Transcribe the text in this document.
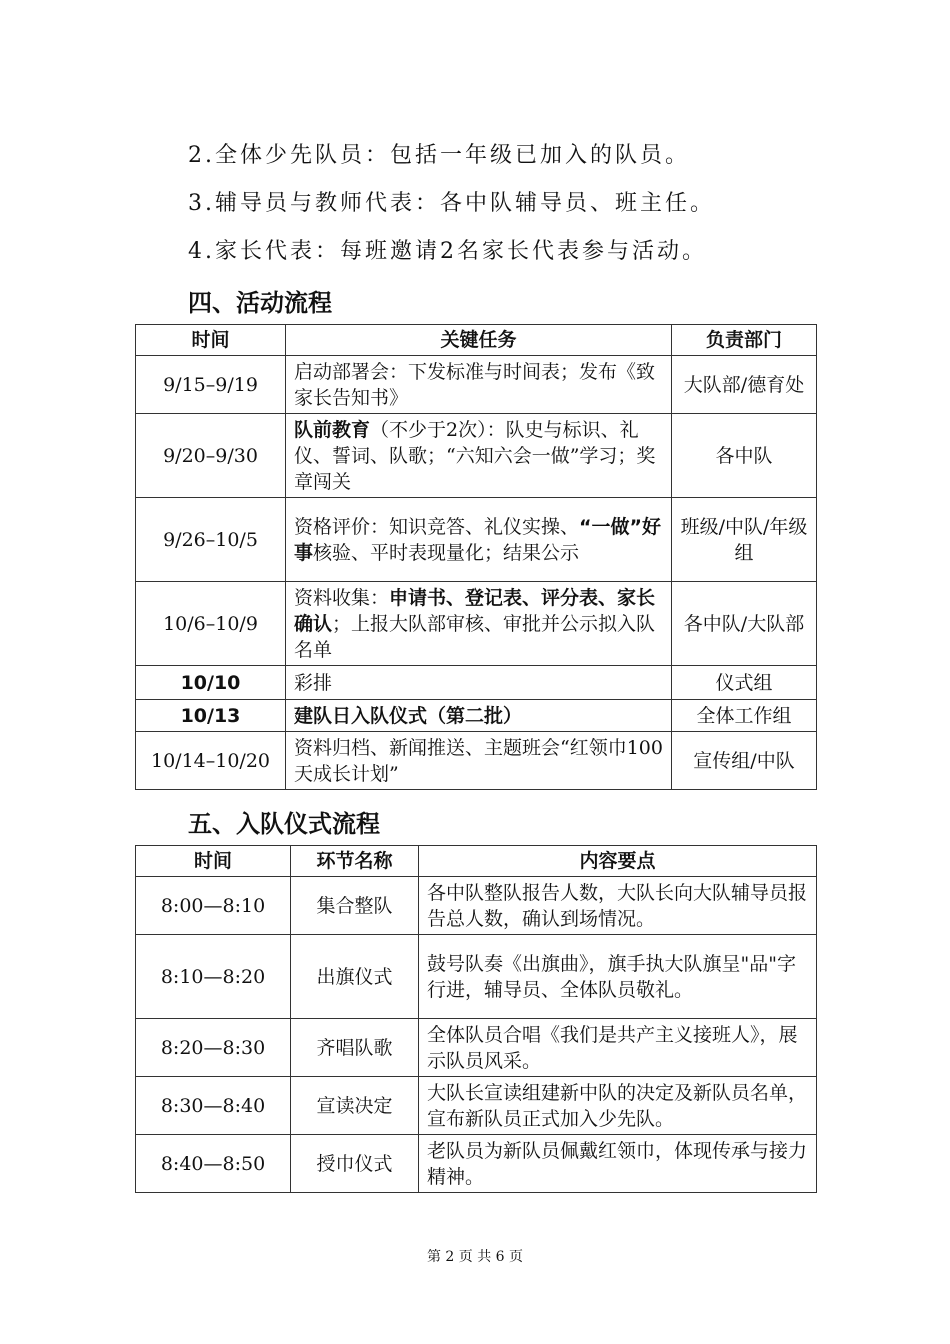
2.全体少先队员：包括一年级已加入的队员。
3.辅导员与教师代表：各中队辅导员、班主任。
4.家长代表：每班邀请2名家长代表参与活动。
四、活动流程
时间	关键任务	负责部门
9/15–9/19	启动部署会：下发标准与时间表；发布《致家长告知书》	大队部/德育处
9/20–9/30	队前教育（不少于2次）：队史与标识、礼仪、誓词、队歌；“六知六会一做”学习；奖章闯关	各中队
9/26–10/5	资格评价：知识竞答、礼仪实操、“一做”好事核验、平时表现量化；结果公示	班级/中队/年级组
10/6–10/9	资料收集：申请书、登记表、评分表、家长确认；上报大队部审核、审批并公示拟入队名单	各中队/大队部
10/10	彩排	仪式组
10/13	建队日入队仪式（第二批）	全体工作组
10/14–10/20	资料归档、新闻推送、主题班会“红领巾100天成长计划”	宣传组/中队
五、入队仪式流程
时间	环节名称	内容要点
8:00—8:10	集合整队	各中队整队报告人数，大队长向大队辅导员报告总人数，确认到场情况。
8:10—8:20	出旗仪式	鼓号队奏《出旗曲》，旗手执大队旗呈"品"字行进，辅导员、全体队员敬礼。
8:20—8:30	齐唱队歌	全体队员合唱《我们是共产主义接班人》，展示队员风采。
8:30—8:40	宣读决定	大队长宣读组建新中队的决定及新队员名单，宣布新队员正式加入少先队。
8:40—8:50	授巾仪式	老队员为新队员佩戴红领巾，体现传承与接力精神。
第 2 页 共 6 页
